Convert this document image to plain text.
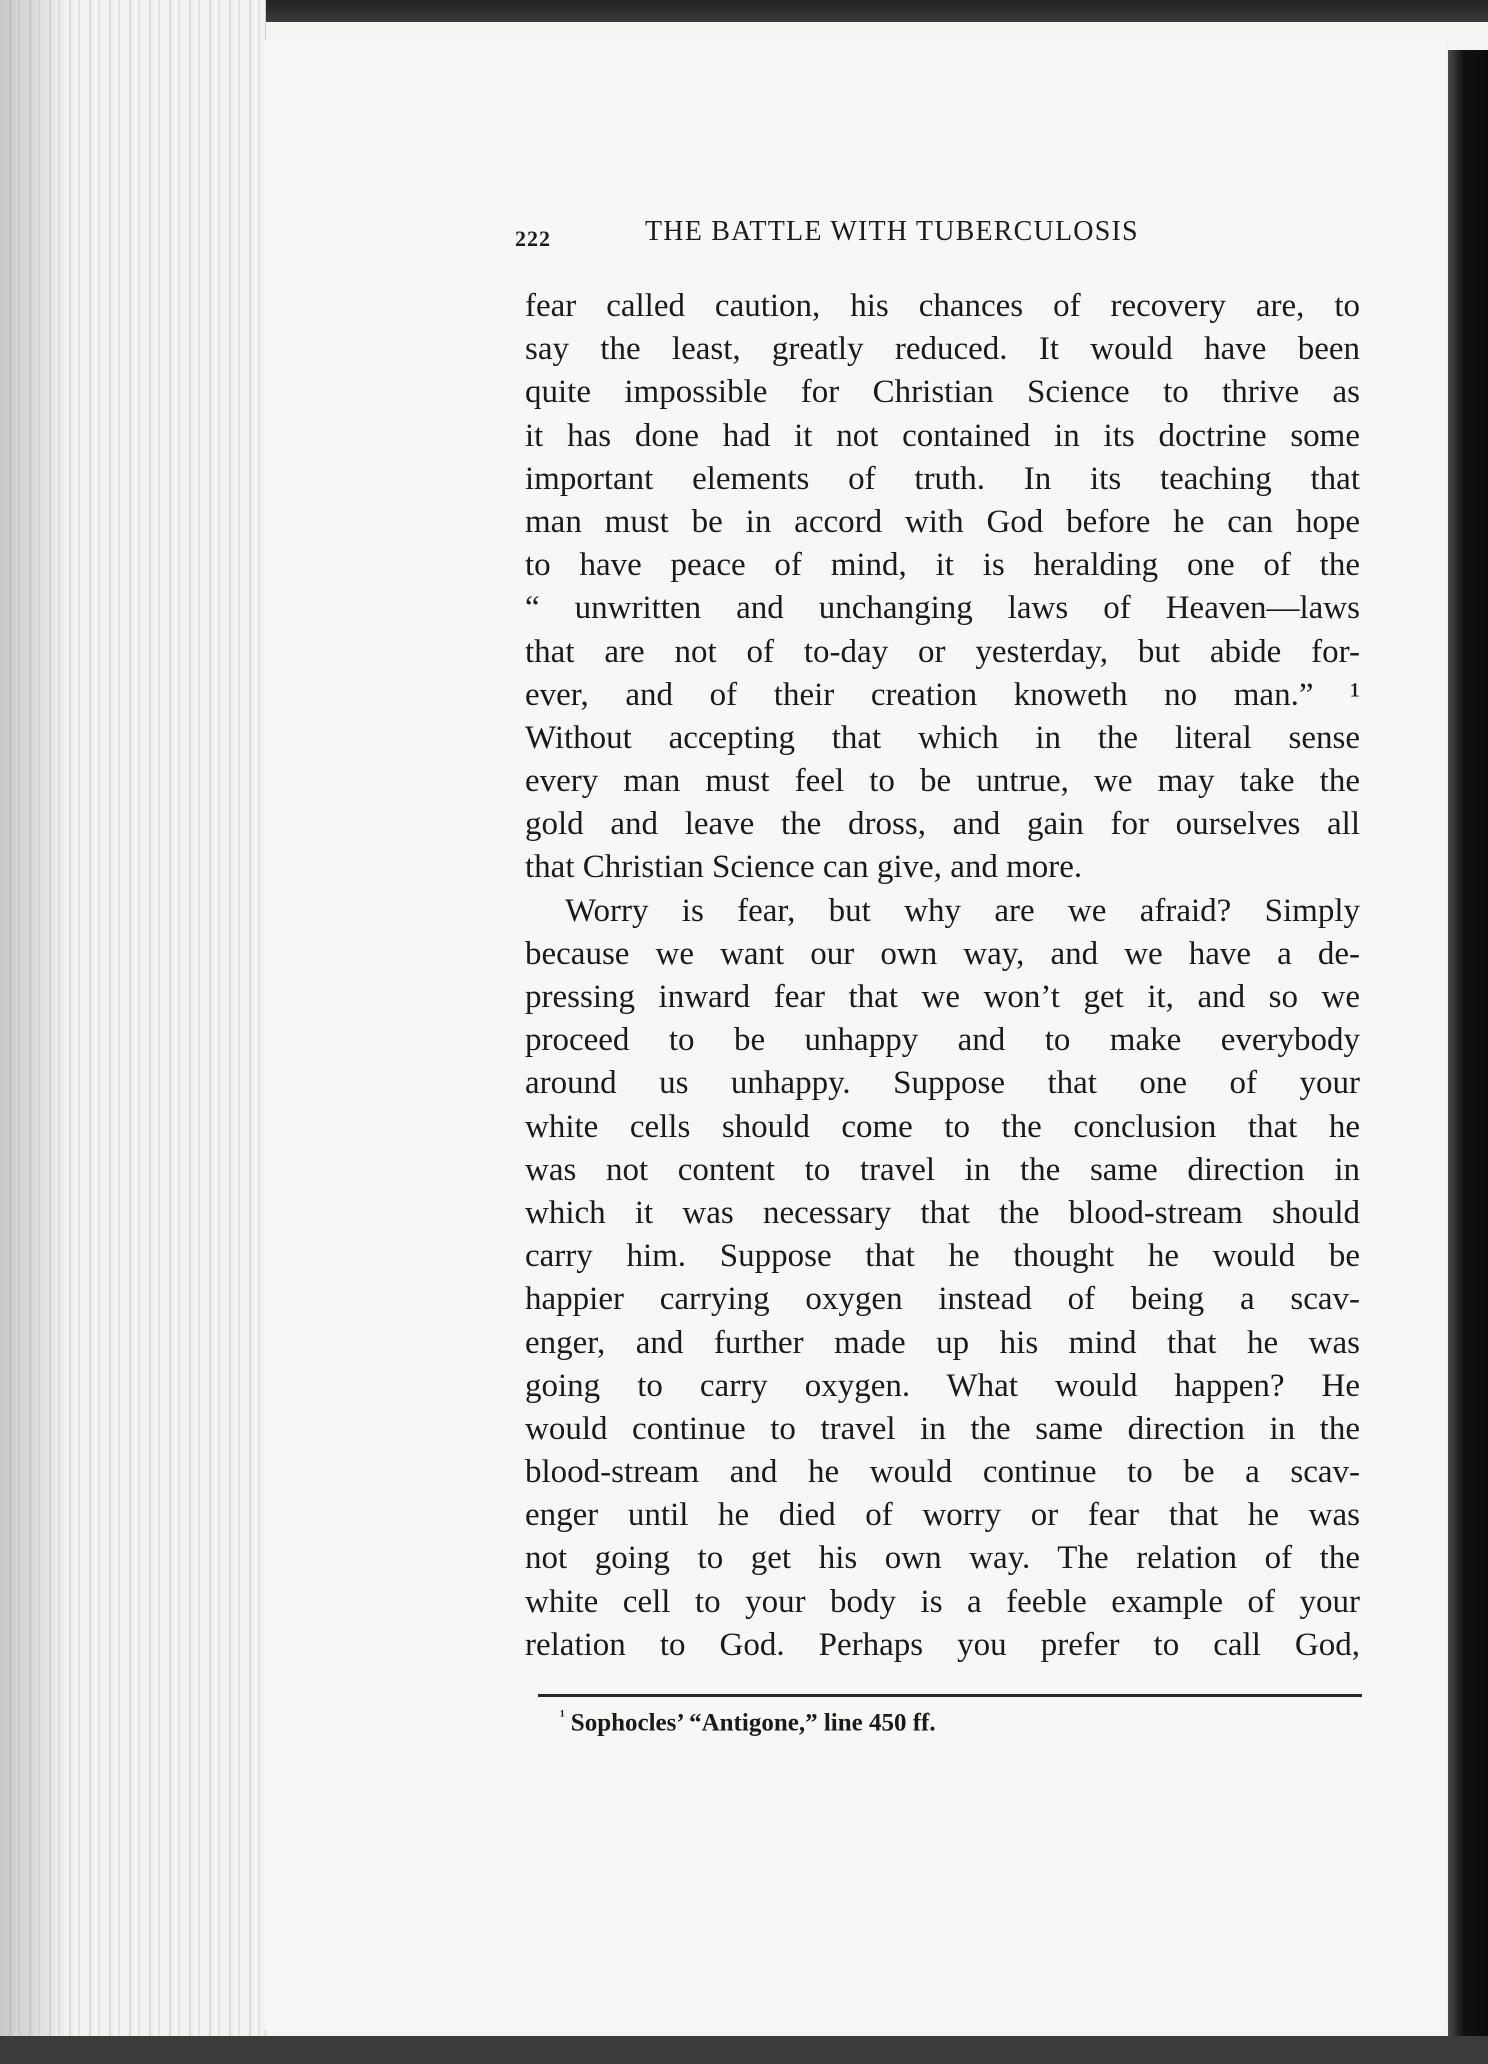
222	THE BATTLE WITH TUBERCULOSIS
fear called caution, his chances of recovery are, to
say the least, greatly reduced. It would have been
quite impossible for Christian Science to thrive as
it has done had it not contained in its doctrine some
important elements of truth. In its teaching that
man must be in accord with God before he can hope
to have peace of mind, it is heralding one of the
“ unwritten and unchanging laws of Heaven—laws
that are not of to-day or yesterday, but abide for-
ever, and of their creation knoweth no man.” ¹
Without accepting that which in the literal sense
every man must feel to be untrue, we may take the
gold and leave the dross, and gain for ourselves all
that Christian Science can give, and more.
Worry is fear, but why are we afraid? Simply
because we want our own way, and we have a de-
pressing inward fear that we won’t get it, and so we
proceed to be unhappy and to make everybody
around us unhappy. Suppose that one of your
white cells should come to the conclusion that he
was not content to travel in the same direction in
which it was necessary that the blood-stream should
carry him. Suppose that he thought he would be
happier carrying oxygen instead of being a scav-
enger, and further made up his mind that he was
going to carry oxygen. What would happen? He
would continue to travel in the same direction in the
blood-stream and he would continue to be a scav-
enger until he died of worry or fear that he was
not going to get his own way. The relation of the
white cell to your body is a feeble example of your
relation to God. Perhaps you prefer to call God,
$^{^1}$ Sophocles’ “Antigone,” line 450 ff.
